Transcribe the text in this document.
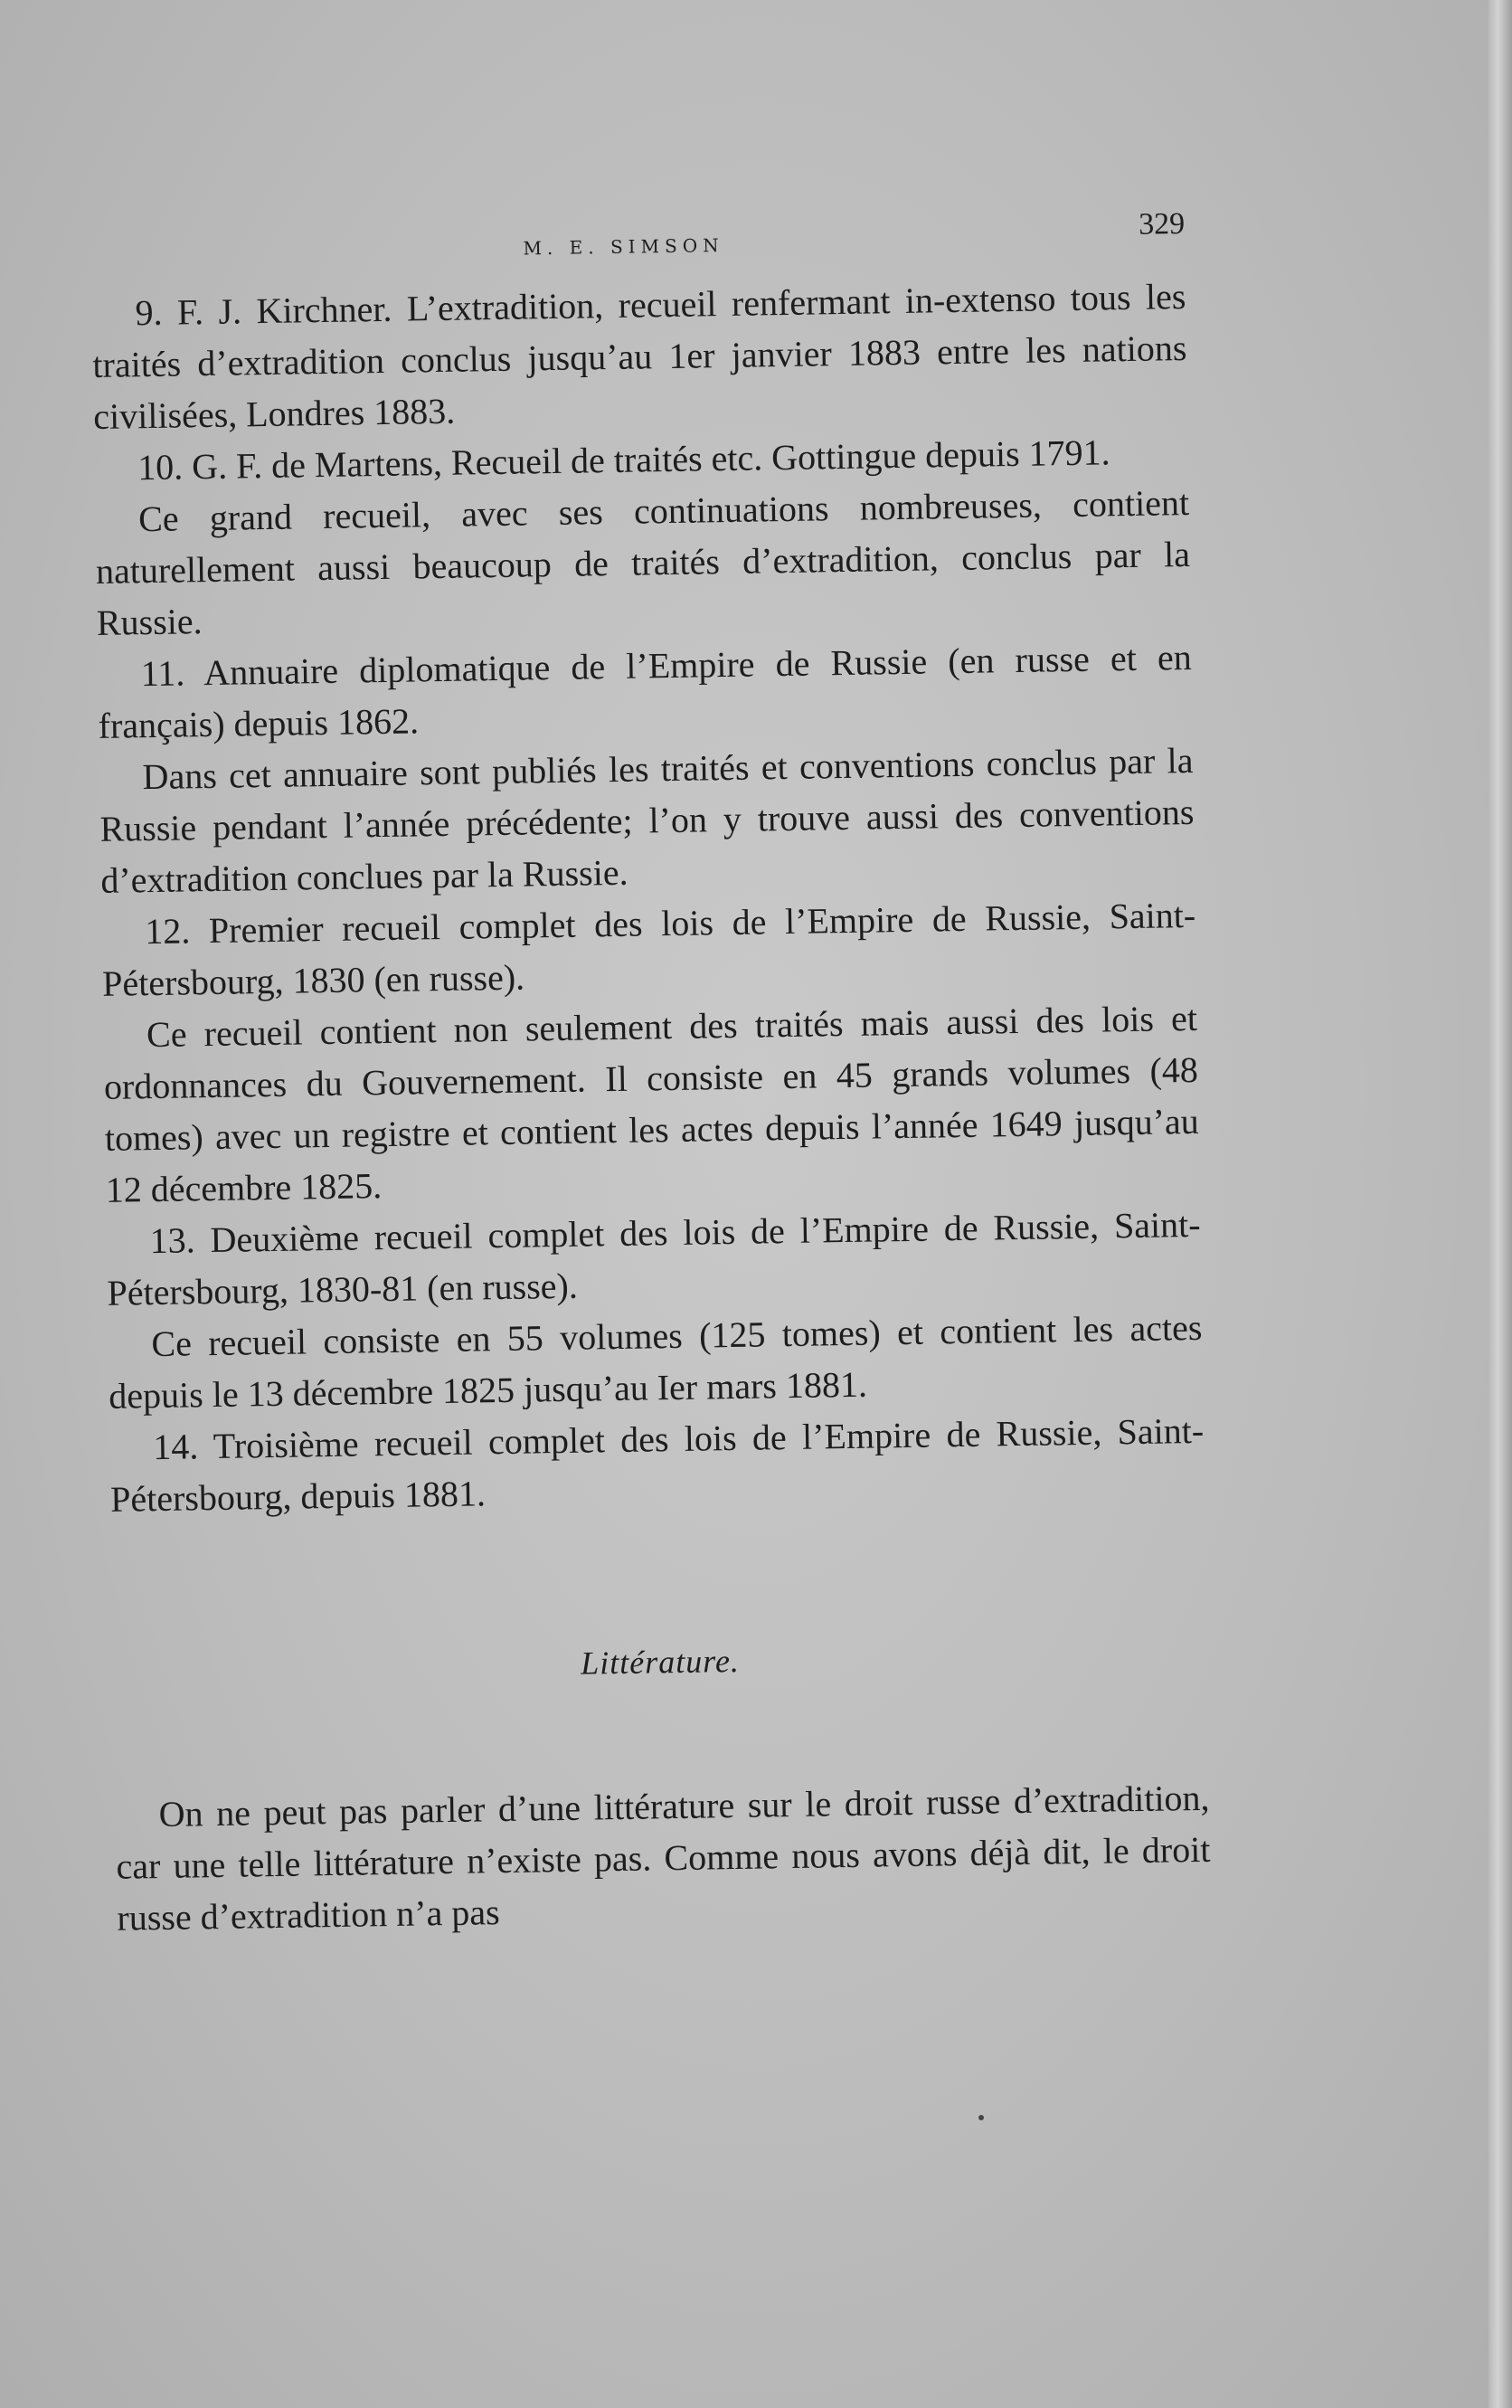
M. E. SIMSON
329

9. F. J. Kirchner. L’extradition, recueil renfermant in-extenso tous les traités d’extradition conclus jusqu’au 1er janvier 1883 entre les nations civilisées, Londres 1883.

10. G. F. de Martens, Recueil de traités etc. Gottingue depuis 1791.

Ce grand recueil, avec ses continuations nombreuses, contient naturellement aussi beaucoup de traités d’extradition, conclus par la Russie.

11. Annuaire diplomatique de l’Empire de Russie (en russe et en français) depuis 1862.

Dans cet annuaire sont publiés les traités et conventions conclus par la Russie pendant l’année précédente; l’on y trouve aussi des conventions d’extradition conclues par la Russie.

12. Premier recueil complet des lois de l’Empire de Russie, Saint-Pétersbourg, 1830 (en russe).

Ce recueil contient non seulement des traités mais aussi des lois et ordonnances du Gouvernement. Il consiste en 45 grands volumes (48 tomes) avec un registre et contient les actes depuis l’année 1649 jusqu’au 12 décembre 1825.

13. Deuxième recueil complet des lois de l’Empire de Russie, Saint-Pétersbourg, 1830-81 (en russe).

Ce recueil consiste en 55 volumes (125 tomes) et contient les actes depuis le 13 décembre 1825 jusqu’au Ier mars 1881.

14. Troisième recueil complet des lois de l’Empire de Russie, Saint-Pétersbourg, depuis 1881.

Littérature.

On ne peut pas parler d’une littérature sur le droit russe d’extradition, car une telle littérature n’existe pas. Comme nous avons déjà dit, le droit russe d’extradition n’a pas
